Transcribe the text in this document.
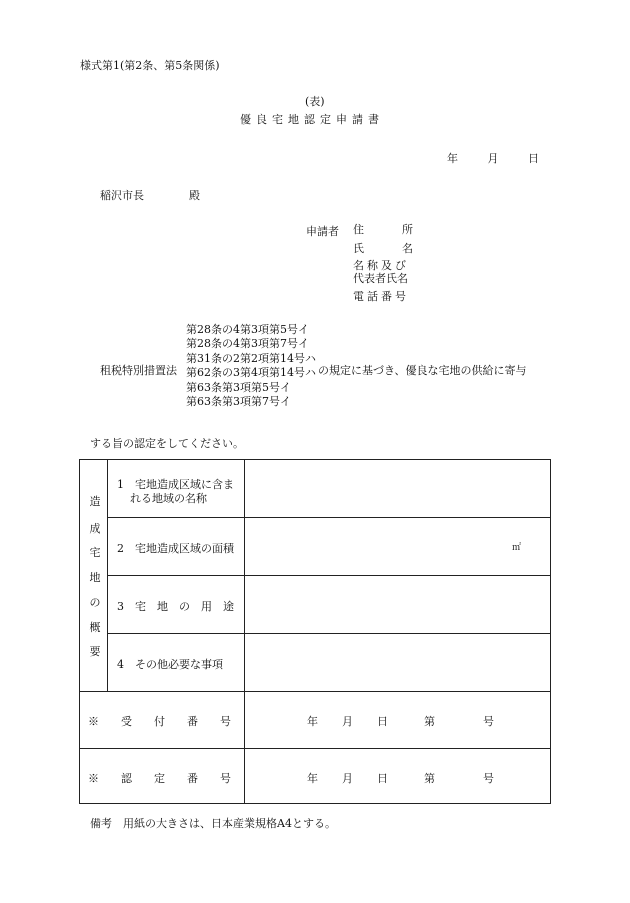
様式第1(第2条、第5条関係)
(表)
優良宅地認定申請書
年	月	日
稲沢市長	殿
申請者 住	所
氏	名
名称及び
代表者氏名
電話番号
租税特別措置法
第28条の4第3項第5号イ
第28条の4第3項第7号イ
第31条の2第2項第14号ハ
第62条の3第4項第14号ハ
第63条第3項第5号イ
第63条第3項第7号イ
の規定に基づき、優良な宅地の供給に寄与
する旨の認定をしてください。
造
成
宅
地
の
概
要
1　宅地造成区域に含ま
れる地域の名称
2　宅地造成区域の面積	㎡
3　宅　地　の　用　途
4　その他必要な事項
※　　受　　付　　番　　号	年 月 日	第	号
※　　認　　定　　番　　号	年 月 日	第	号
備考　用紙の大きさは、日本産業規格A4とする。
